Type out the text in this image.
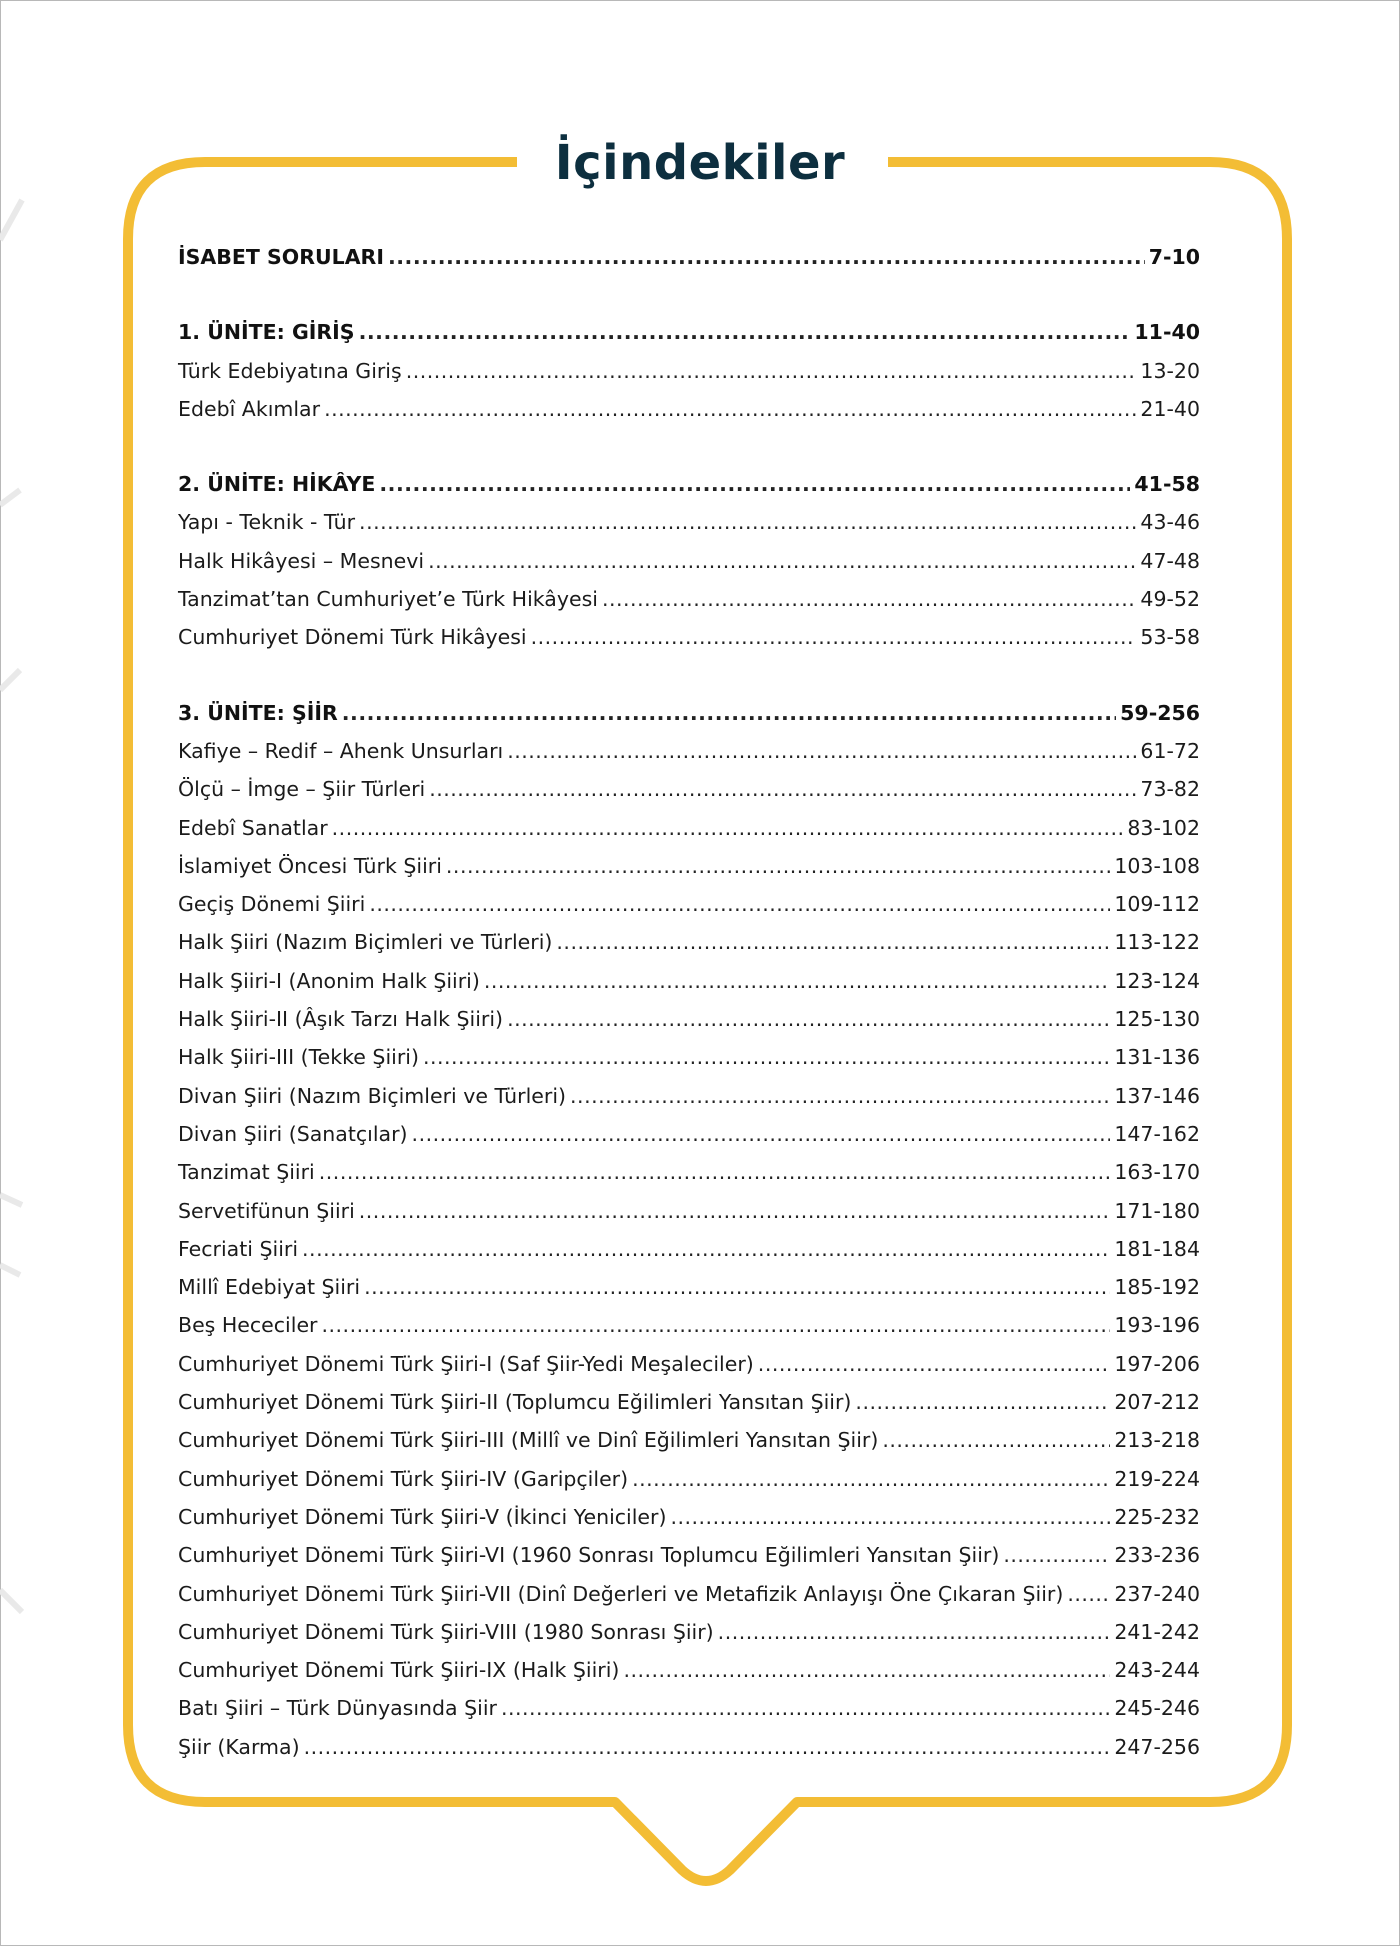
İçindekiler
İSABET SORULARI .....	7-10
1. ÜNİTE: GİRİŞ .....	11-40
Türk Edebiyatına Giriş .....	13-20
Edebî Akımlar .....	21-40
2. ÜNİTE: HİKÂYE .....	41-58
Yapı - Teknik - Tür .....	43-46
Halk Hikâyesi – Mesnevi .....	47-48
Tanzimat’tan Cumhuriyet’e Türk Hikâyesi .....	49-52
Cumhuriyet Dönemi Türk Hikâyesi .....	53-58
3. ÜNİTE: ŞİİR .....	59-256
Kafiye – Redif – Ahenk Unsurları .....	61-72
Ölçü – İmge – Şiir Türleri .....	73-82
Edebî Sanatlar .....	83-102
İslamiyet Öncesi Türk Şiiri .....	103-108
Geçiş Dönemi Şiiri .....	109-112
Halk Şiiri (Nazım Biçimleri ve Türleri) .....	113-122
Halk Şiiri-I (Anonim Halk Şiiri) .....	123-124
Halk Şiiri-II (Âşık Tarzı Halk Şiiri) .....	125-130
Halk Şiiri-III (Tekke Şiiri) .....	131-136
Divan Şiiri (Nazım Biçimleri ve Türleri) .....	137-146
Divan Şiiri (Sanatçılar) .....	147-162
Tanzimat Şiiri .....	163-170
Servetifünun Şiiri .....	171-180
Fecriati Şiiri .....	181-184
Millî Edebiyat Şiiri .....	185-192
Beş Hececiler .....	193-196
Cumhuriyet Dönemi Türk Şiiri-I (Saf Şiir-Yedi Meşaleciler) .....	197-206
Cumhuriyet Dönemi Türk Şiiri-II (Toplumcu Eğilimleri Yansıtan Şiir) .....	207-212
Cumhuriyet Dönemi Türk Şiiri-III (Millî ve Dinî Eğilimleri Yansıtan Şiir) .....	213-218
Cumhuriyet Dönemi Türk Şiiri-IV (Garipçiler) .....	219-224
Cumhuriyet Dönemi Türk Şiiri-V (İkinci Yeniciler) .....	225-232
Cumhuriyet Dönemi Türk Şiiri-VI (1960 Sonrası Toplumcu Eğilimleri Yansıtan Şiir) .....	233-236
Cumhuriyet Dönemi Türk Şiiri-VII (Dinî Değerleri ve Metafizik Anlayışı Öne Çıkaran Şiir) ..... 237-240
Cumhuriyet Dönemi Türk Şiiri-VIII (1980 Sonrası Şiir) .....	241-242
Cumhuriyet Dönemi Türk Şiiri-IX (Halk Şiiri) .....	243-244
Batı Şiiri – Türk Dünyasında Şiir .....	245-246
Şiir (Karma) .....	247-256
